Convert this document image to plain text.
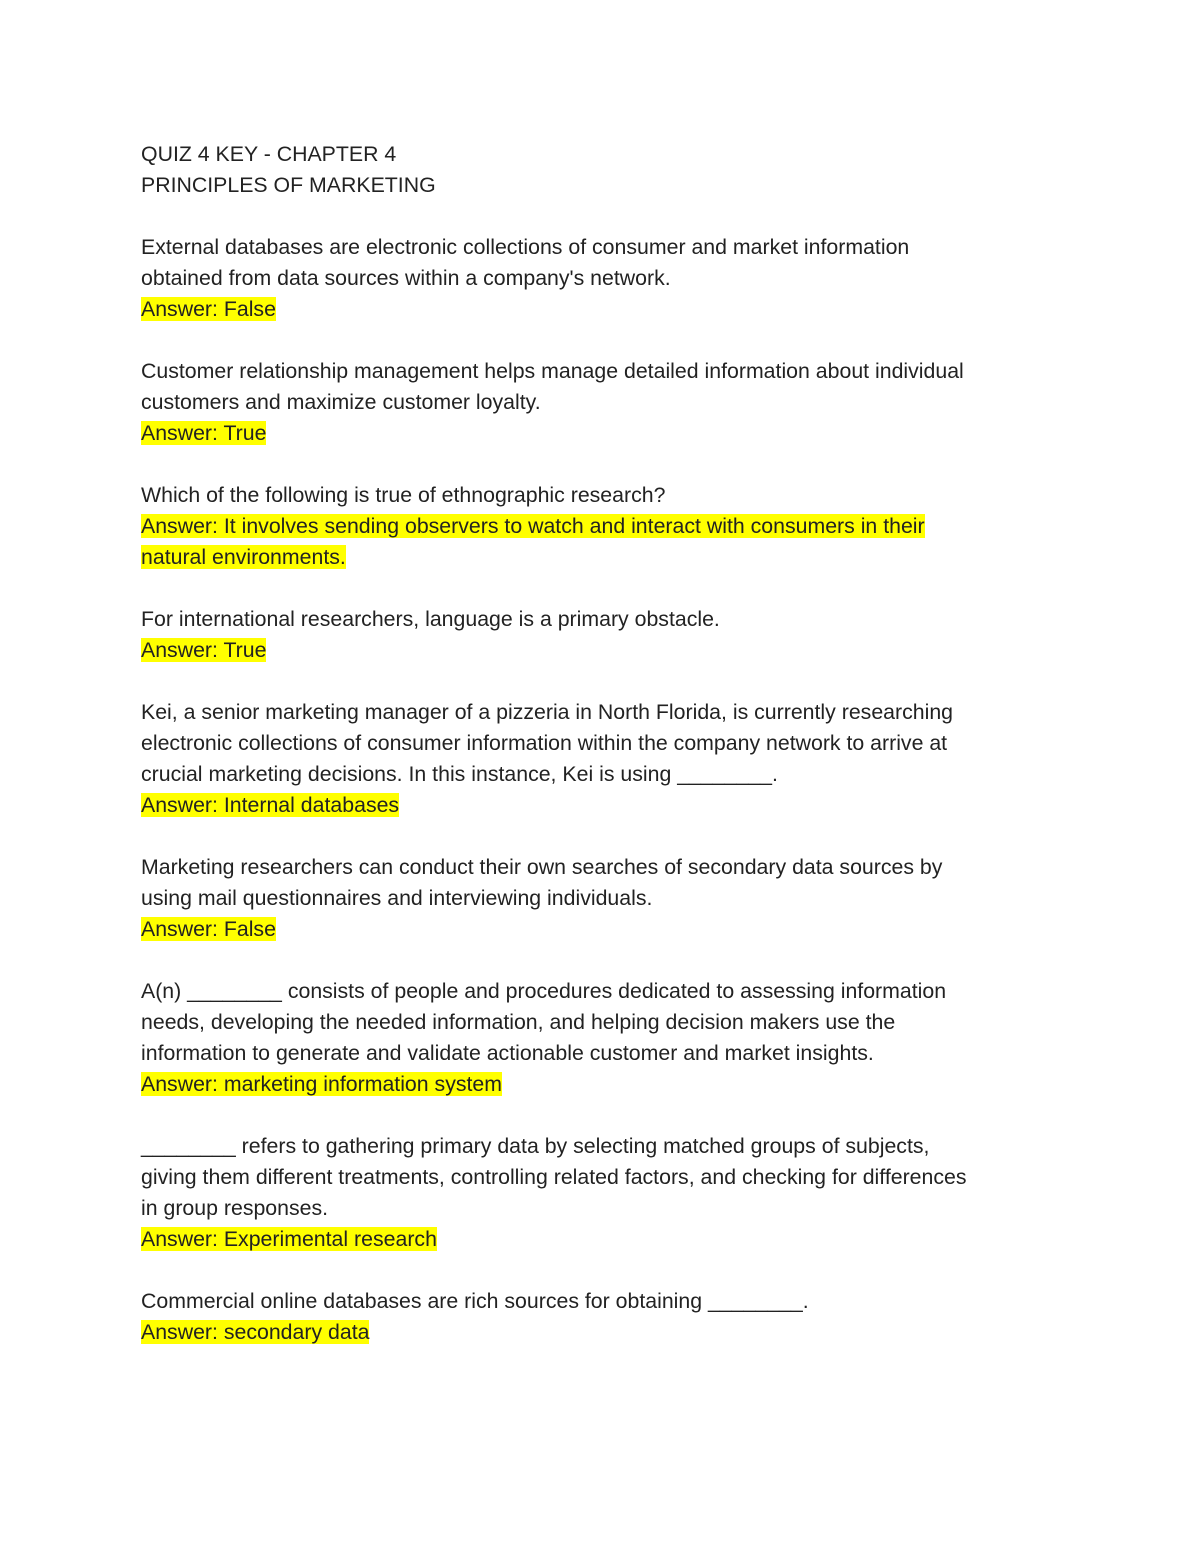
QUIZ 4 KEY - CHAPTER 4
PRINCIPLES OF MARKETING
External databases are electronic collections of consumer and market information
obtained from data sources within a company's network.
Answer: False
Customer relationship management helps manage detailed information about individual
customers and maximize customer loyalty.
Answer: True
Which of the following is true of ethnographic research?
Answer: It involves sending observers to watch and interact with consumers in their
natural environments.
For international researchers, language is a primary obstacle.
Answer: True
Kei, a senior marketing manager of a pizzeria in North Florida, is currently researching
electronic collections of consumer information within the company network to arrive at
crucial marketing decisions. In this instance, Kei is using ________.
Answer: Internal databases
Marketing researchers can conduct their own searches of secondary data sources by
using mail questionnaires and interviewing individuals.
Answer: False
A(n) ________ consists of people and procedures dedicated to assessing information
needs, developing the needed information, and helping decision makers use the
information to generate and validate actionable customer and market insights.
Answer: marketing information system
________ refers to gathering primary data by selecting matched groups of subjects,
giving them different treatments, controlling related factors, and checking for differences
in group responses.
Answer: Experimental research
Commercial online databases are rich sources for obtaining ________.
Answer: secondary data
